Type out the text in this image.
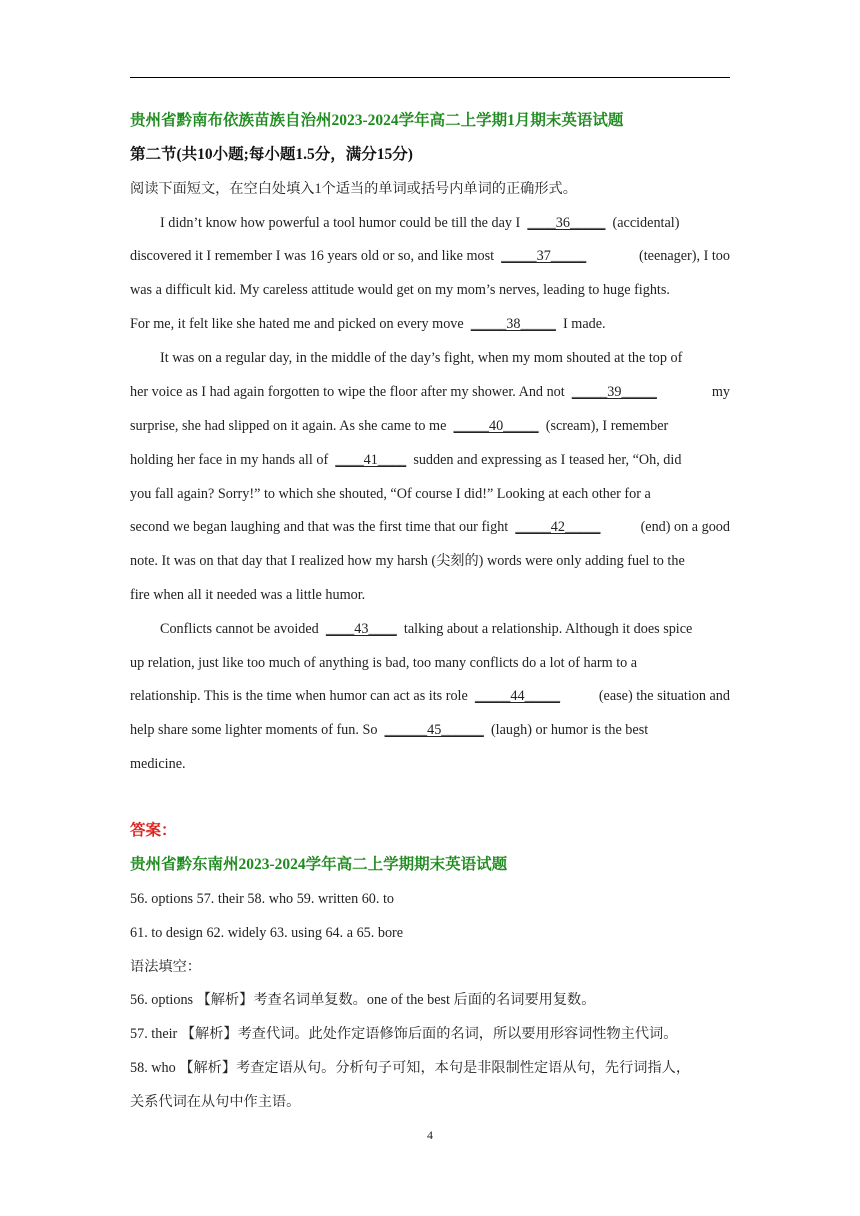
贵州省黔南布依族苗族自治州2023-2024学年高二上学期1月期末英语试题
第二节(共10小题;每小题1.5分，满分15分)
阅读下面短文，在空白处填入1个适当的单词或括号内单词的正确形式。
I didn’t know how powerful a tool humor could be till the day I ____36_____ (accidental)
discovered it I remember I was 16 years old or so, and like most _____37_____	(teenager), I too
was a difficult kid. My careless attitude would get on my mom’s nerves, leading to huge fights.
For me, it felt like she hated me and picked on every move _____38_____ I made.
It was on a regular day, in the middle of the day’s fight, when my mom shouted at the top of
her voice as I had again forgotten to wipe the floor after my shower. And not _____39_____	my
surprise, she had slipped on it again. As she came to me _____40_____ (scream), I remember
holding her face in my hands all of ____41____ sudden and expressing as I teased her, “Oh, did
you fall again? Sorry!” to which she shouted, “Of course I did!” Looking at each other for a
second we began laughing and that was the first time that our fight _____42_____	(end) on a good
note. It was on that day that I realized how my harsh (尖刻的) words were only adding fuel to the
fire when all it needed was a little humor.
Conflicts cannot be avoided ____43____ talking about a relationship. Although it does spice
up relation, just like too much of anything is bad, too many conflicts do a lot of harm to a
relationship. This is the time when humor can act as its role _____44_____	(ease) the situation and
help share some lighter moments of fun. So ______45______ (laugh) or humor is the best
medicine.
答案：
贵州省黔东南州2023-2024学年高二上学期期末英语试题
56. options 57. their 58. who 59. written 60. to
61. to design 62. widely 63. using 64. a 65. bore
语法填空：
56. options 【解析】考查名词单复数。one of the best 后面的名词要用复数。
57. their 【解析】考查代词。此处作定语修饰后面的名词，所以要用形容词性物主代词。
58. who 【解析】考查定语从句。分析句子可知，本句是非限制性定语从句，先行词指人，
关系代词在从句中作主语。
4
